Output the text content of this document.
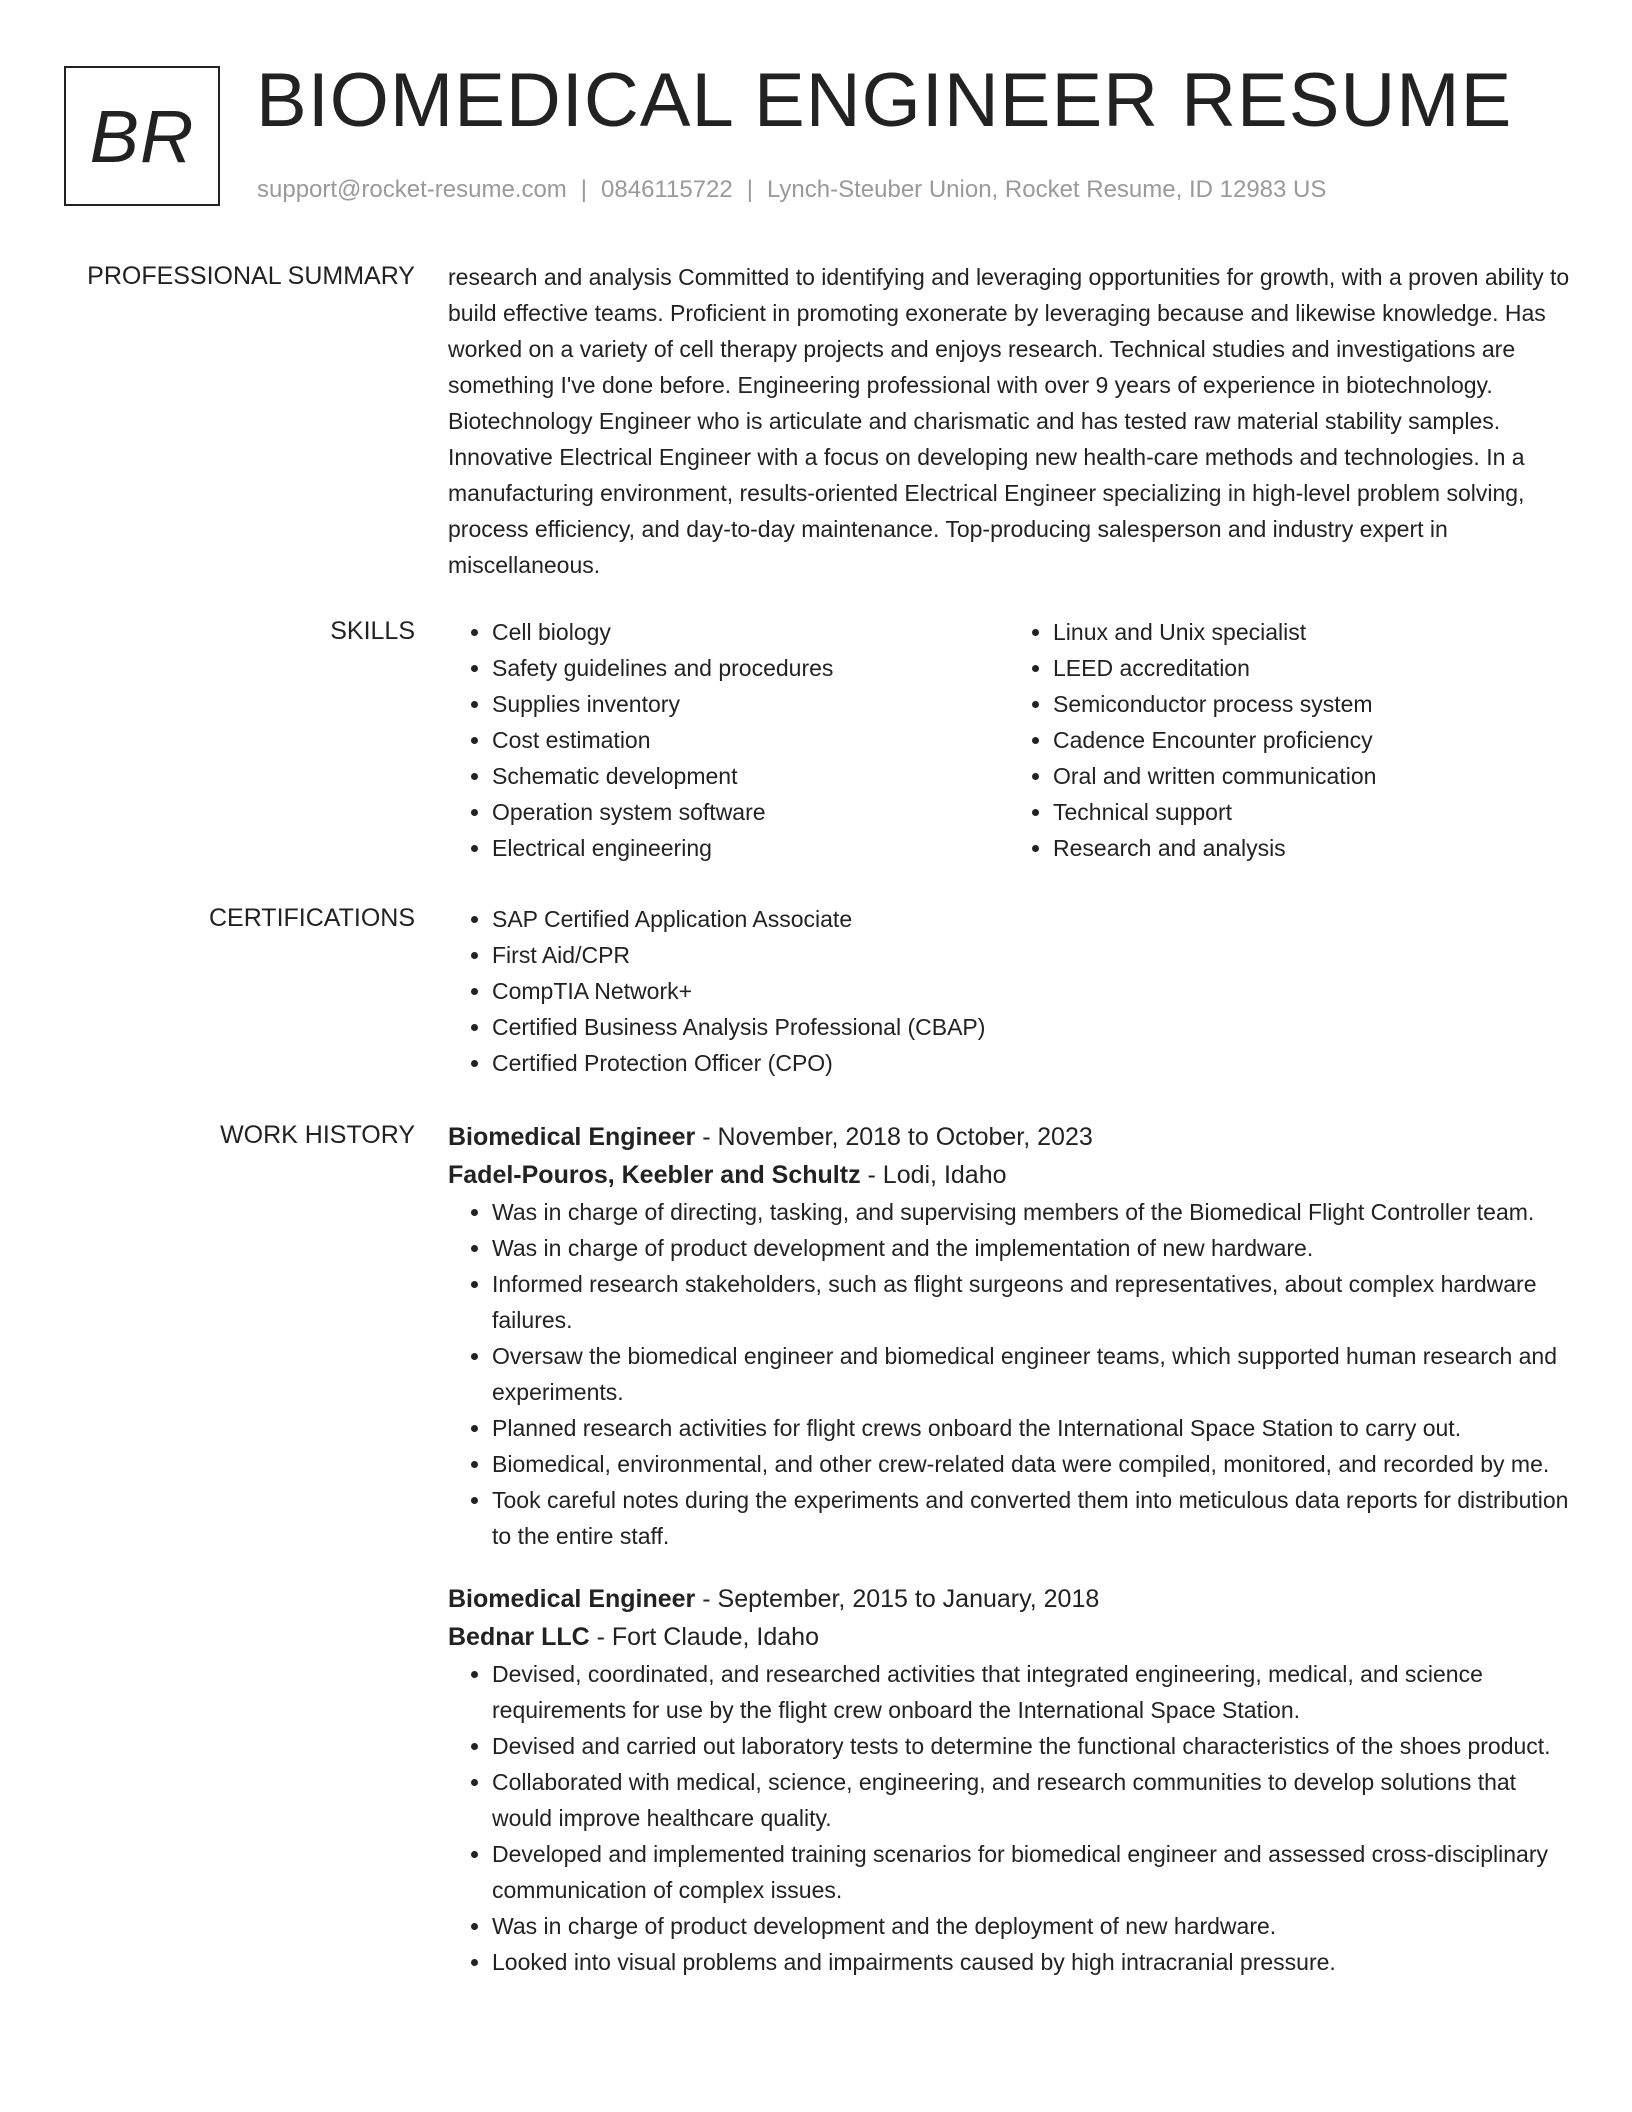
BR BIOMEDICAL ENGINEER RESUME
support@rocket-resume.com | 0846115722 | Lynch-Steuber Union, Rocket Resume, ID 12983 US
PROFESSIONAL SUMMARY research and analysis Committed to identifying and leveraging opportunities for growth, with a proven ability to build effective teams. Proficient in promoting exonerate by leveraging because and likewise knowledge. Has worked on a variety of cell therapy projects and enjoys research. Technical studies and investigations are something I've done before. Engineering professional with over 9 years of experience in biotechnology. Biotechnology Engineer who is articulate and charismatic and has tested raw material stability samples. Innovative Electrical Engineer with a focus on developing new health-care methods and technologies. In a manufacturing environment, results-oriented Electrical Engineer specializing in high-level problem solving, process efficiency, and day-to-day maintenance. Top-producing salesperson and industry expert in miscellaneous.

SKILLS	• Cell biology
• Safety guidelines and procedures
• Supplies inventory
• Cost estimation
• Schematic development
• Operation system software
• Electrical engineering
• Linux and Unix specialist
• LEED accreditation
• Semiconductor process system
• Cadence Encounter proficiency
• Oral and written communication
• Technical support
• Research and analysis
CERTIFICATIONS	• SAP Certified Application Associate
• First Aid/CPR
• CompTIA Network+
• Certified Business Analysis Professional (CBAP)
• Certified Protection Officer (CPO)
WORK HISTORY Biomedical Engineer - November, 2018 to October, 2023
Fadel-Pouros, Keebler and Schultz - Lodi, Idaho
• Was in charge of directing, tasking, and supervising members of the Biomedical Flight Controller team.
• Was in charge of product development and the implementation of new hardware.
• Informed research stakeholders, such as flight surgeons and representatives, about complex hardware failures.
• Oversaw the biomedical engineer and biomedical engineer teams, which supported human research and experiments.
• Planned research activities for flight crews onboard the International Space Station to carry out.
• Biomedical, environmental, and other crew-related data were compiled, monitored, and recorded by me.
• Took careful notes during the experiments and converted them into meticulous data reports for distribution to the entire staff.
Biomedical Engineer - September, 2015 to January, 2018
Bednar LLC - Fort Claude, Idaho
• Devised, coordinated, and researched activities that integrated engineering, medical, and science requirements for use by the flight crew onboard the International Space Station.
• Devised and carried out laboratory tests to determine the functional characteristics of the shoes product.
• Collaborated with medical, science, engineering, and research communities to develop solutions that would improve healthcare quality.
• Developed and implemented training scenarios for biomedical engineer and assessed cross-disciplinary communication of complex issues.
• Was in charge of product development and the deployment of new hardware.
• Looked into visual problems and impairments caused by high intracranial pressure.
